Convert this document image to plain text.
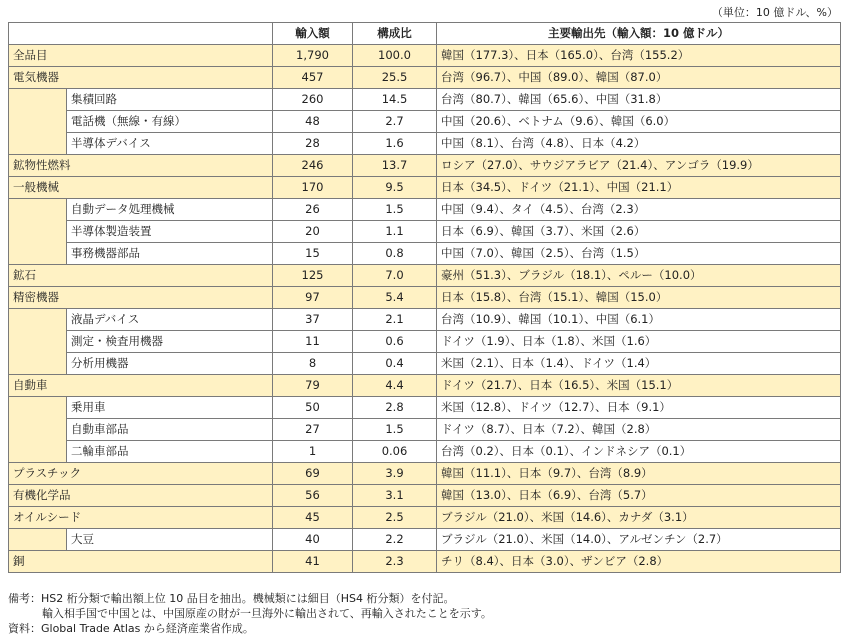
（単位：10 億ドル、%）
		輸入額	構成比	主要輸出先（輸入額：10 億ドル）
全品目		1,790	100.0	韓国（177.3）、日本（165.0）、台湾（155.2）
電気機器		457	25.5	台湾（96.7）、中国（89.0）、韓国（87.0）
	集積回路	260	14.5	台湾（80.7）、韓国（65.6）、中国（31.8）
	電話機（無線・有線）	48	2.7	中国（20.6）、ベトナム（9.6）、韓国（6.0）
	半導体デバイス	28	1.6	中国（8.1）、台湾（4.8）、日本（4.2）
鉱物性燃料		246	13.7	ロシア（27.0）、サウジアラビア（21.4）、アンゴラ（19.9）
一般機械		170	9.5	日本（34.5）、ドイツ（21.1）、中国（21.1）
	自動データ処理機械	26	1.5	中国（9.4）、タイ（4.5）、台湾（2.3）
	半導体製造装置	20	1.1	日本（6.9）、韓国（3.7）、米国（2.6）
	事務機器部品	15	0.8	中国（7.0）、韓国（2.5）、台湾（1.5）
鉱石		125	7.0	豪州（51.3）、ブラジル（18.1）、ペルー（10.0）
精密機器		97	5.4	日本（15.8）、台湾（15.1）、韓国（15.0）
	液晶デバイス	37	2.1	台湾（10.9）、韓国（10.1）、中国（6.1）
	測定・検査用機器	11	0.6	ドイツ（1.9）、日本（1.8）、米国（1.6）
	分析用機器	8	0.4	米国（2.1）、日本（1.4）、ドイツ（1.4）
自動車		79	4.4	ドイツ（21.7）、日本（16.5）、米国（15.1）
	乗用車	50	2.8	米国（12.8）、ドイツ（12.7）、日本（9.1）
	自動車部品	27	1.5	ドイツ（8.7）、日本（7.2）、韓国（2.8）
	二輪車部品	1	0.06	台湾（0.2）、日本（0.1）、インドネシア（0.1）
プラスチック		69	3.9	韓国（11.1）、日本（9.7）、台湾（8.9）
有機化学品		56	3.1	韓国（13.0）、日本（6.9）、台湾（5.7）
オイルシード		45	2.5	ブラジル（21.0）、米国（14.6）、カナダ（3.1）
	大豆	40	2.2	ブラジル（21.0）、米国（14.0）、アルゼンチン（2.7）
銅		41	2.3	チリ（8.4）、日本（3.0）、ザンビア（2.8）
備考：HS2 桁分類で輸出額上位 10 品目を抽出。機械類には細目（HS4 桁分類）を付記。
輸入相手国で中国とは、中国原産の財が一旦海外に輸出されて、再輸入されたことを示す。
資料：Global Trade Atlas から経済産業省作成。
